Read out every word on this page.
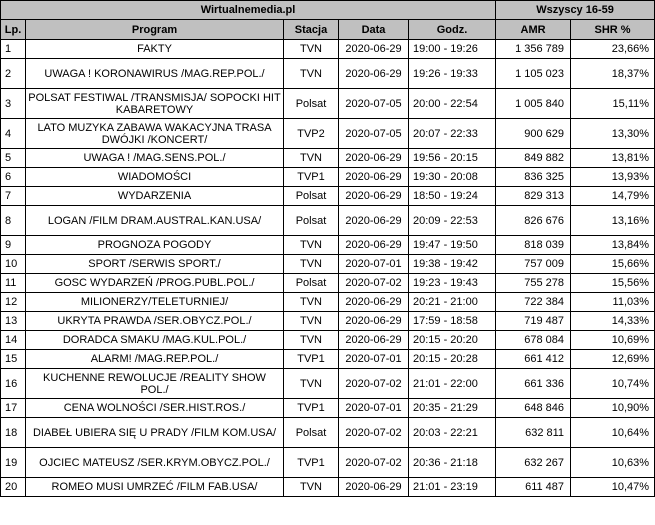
Wirtualnemedia.pl					Wszyscy 16-59	
Lp.	Program	Stacja	Data	Godz.	AMR	SHR %
1	FAKTY	TVN	2020-06-29	19:00 - 19:26	1 356 789	23,66%
2	UWAGA ! KORONAWIRUS /MAG.REP.POL./	TVN	2020-06-29	19:26 - 19:33	1 105 023	18,37%
3	POLSAT FESTIWAL /TRANSMISJA/ SOPOCKI HIT KABARETOWY	Polsat	2020-07-05	20:00 - 22:54	1 005 840	15,11%
4	LATO MUZYKA ZABAWA WAKACYJNA TRASA DWÓJKI /KONCERT/	TVP2	2020-07-05	20:07 - 22:33	900 629	13,30%
5	UWAGA ! /MAG.SENS.POL./	TVN	2020-06-29	19:56 - 20:15	849 882	13,81%
6	WIADOMOŚCI	TVP1	2020-06-29	19:30 - 20:08	836 325	13,93%
7	WYDARZENIA	Polsat	2020-06-29	18:50 - 19:24	829 313	14,79%
8	LOGAN /FILM DRAM.AUSTRAL.KAN.USA/	Polsat	2020-06-29	20:09 - 22:53	826 676	13,16%
9	PROGNOZA POGODY	TVN	2020-06-29	19:47 - 19:50	818 039	13,84%
10	SPORT /SERWIS SPORT./	TVN	2020-07-01	19:38 - 19:42	757 009	15,66%
11	GOSC WYDARZEŃ /PROG.PUBL.POL./	Polsat	2020-07-02	19:23 - 19:43	755 278	15,56%
12	MILIONERZY/TELETURNIEJ/	TVN	2020-06-29	20:21 - 21:00	722 384	11,03%
13	UKRYTA PRAWDA /SER.OBYCZ.POL./	TVN	2020-06-29	17:59 - 18:58	719 487	14,33%
14	DORADCA SMAKU /MAG.KUL.POL./	TVN	2020-06-29	20:15 - 20:20	678 084	10,69%
15	ALARM! /MAG.REP.POL./	TVP1	2020-07-01	20:15 - 20:28	661 412	12,69%
16	KUCHENNE REWOLUCJE /REALITY SHOW POL./	TVN	2020-07-02	21:01 - 22:00	661 336	10,74%
17	CENA WOLNOŚCI /SER.HIST.ROS./	TVP1	2020-07-01	20:35 - 21:29	648 846	10,90%
18	DIABEŁ UBIERA SIĘ U PRADY /FILM KOM.USA/	Polsat	2020-07-02	20:03 - 22:21	632 811	10,64%
19	OJCIEC MATEUSZ /SER.KRYM.OBYCZ.POL./	TVP1	2020-07-02	20:36 - 21:18	632 267	10,63%
20	ROMEO MUSI UMRZEĆ /FILM FAB.USA/	TVN	2020-06-29	21:01 - 23:19	611 487	10,47%
